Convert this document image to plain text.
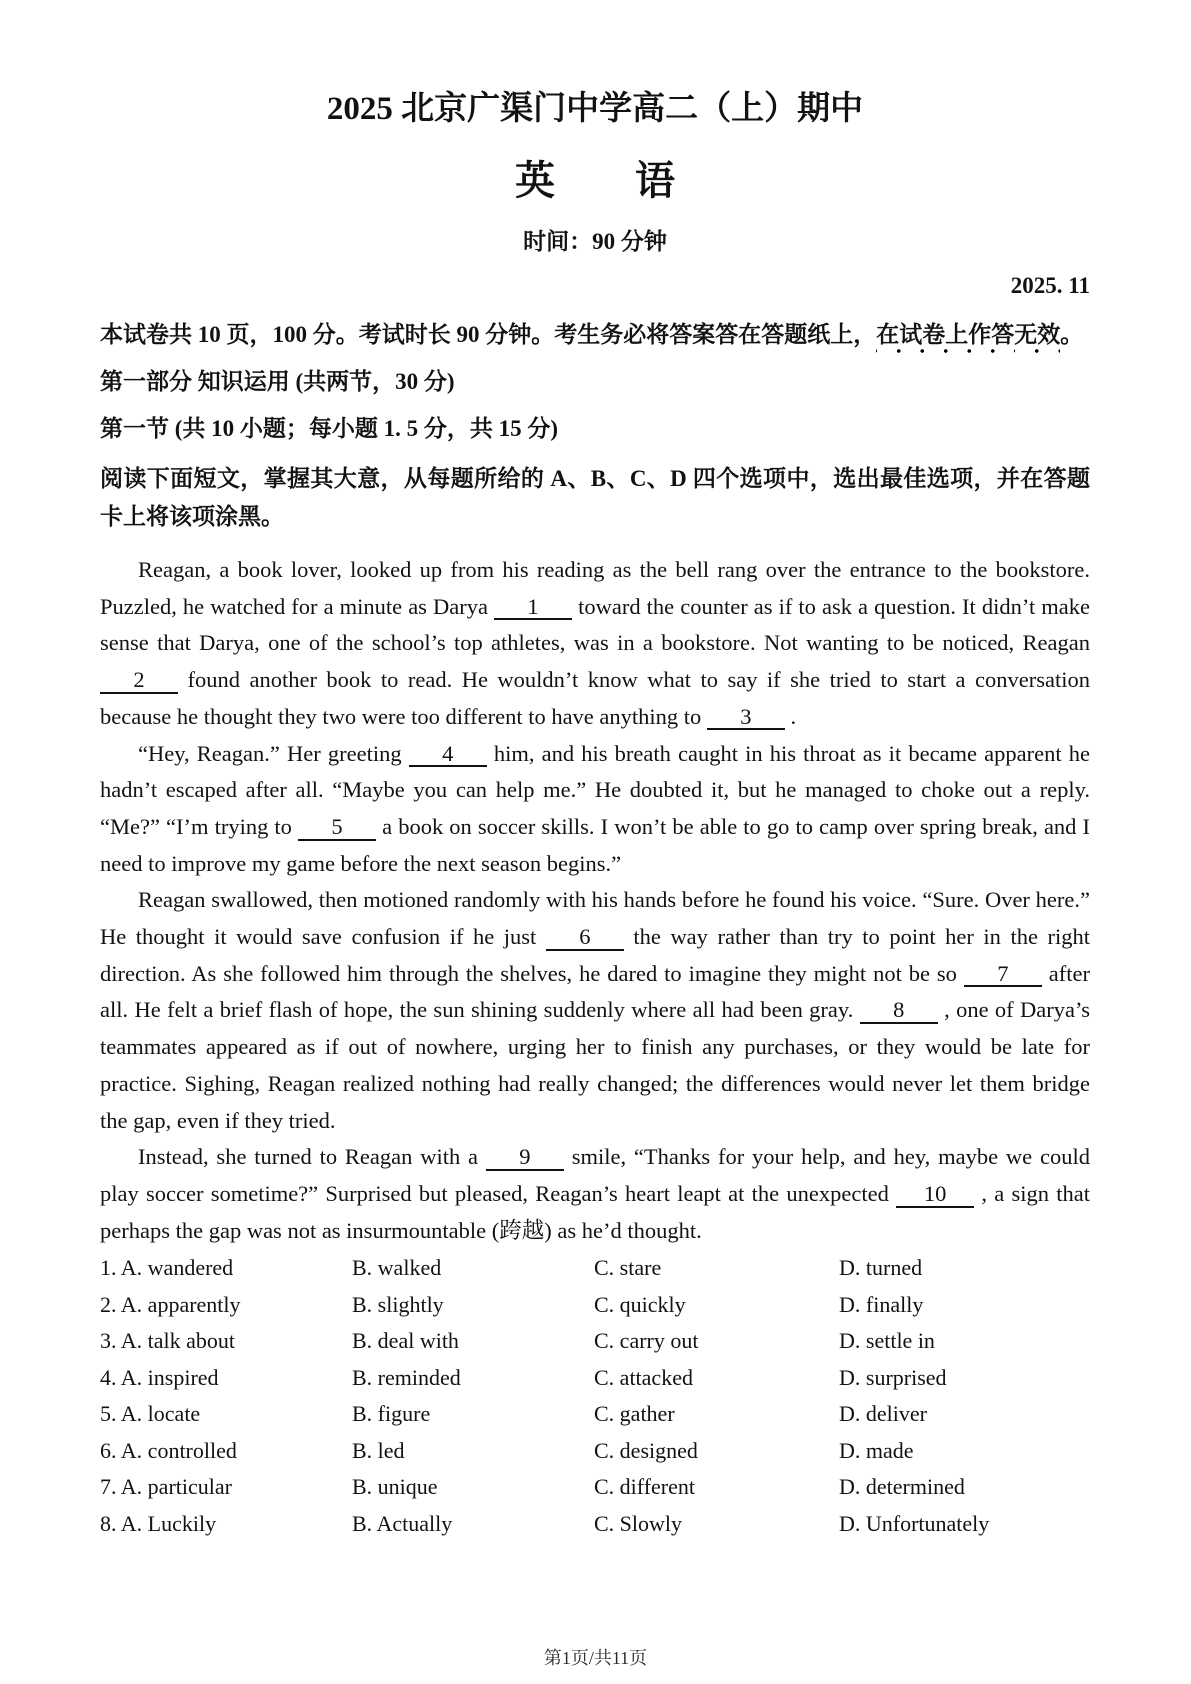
2025 北京广渠门中学高二（上）期中
英　　语
时间：90 分钟
2025. 11

本试卷共 10 页，100 分。考试时长 90 分钟。考生务必将答案答在答题纸上，在试卷上作答无效。

第一部分 知识运用 (共两节，30 分)
第一节 (共 10 小题；每小题 1. 5 分，共 15 分)

阅读下面短文，掌握其大意，从每题所给的 A、B、C、D 四个选项中，选出最佳选项，并在答题卡上将该项涂黑。

Reagan, a book lover, looked up from his reading as the bell rang over the entrance to the bookstore. Puzzled, he watched for a minute as Darya 1 toward the counter as if to ask a question. It didn’t make sense that Darya, one of the school’s top athletes, was in a bookstore. Not wanting to be noticed, Reagan 2 found another book to read. He wouldn’t know what to say if she tried to start a conversation because he thought they two were too different to have anything to 3 .

“Hey, Reagan.” Her greeting 4 him, and his breath caught in his throat as it became apparent he hadn’t escaped after all. “Maybe you can help me.” He doubted it, but he managed to choke out a reply. “Me?” “I’m trying to 5 a book on soccer skills. I won’t be able to go to camp over spring break, and I need to improve my game before the next season begins.”

Reagan swallowed, then motioned randomly with his hands before he found his voice. “Sure. Over here.” He thought it would save confusion if he just 6 the way rather than try to point her in the right direction. As she followed him through the shelves, he dared to imagine they might not be so 7 after all. He felt a brief flash of hope, the sun shining suddenly where all had been gray. 8 , one of Darya’s teammates appeared as if out of nowhere, urging her to finish any purchases, or they would be late for practice. Sighing, Reagan realized nothing had really changed; the differences would never let them bridge the gap, even if they tried.

Instead, she turned to Reagan with a 9 smile, “Thanks for your help, and hey, maybe we could play soccer sometime?” Surprised but pleased, Reagan’s heart leapt at the unexpected 10 , a sign that perhaps the gap was not as insurmountable (跨越) as he’d thought.

1. A. wandered	B. walked	C. stare	D. turned
2. A. apparently	B. slightly	C. quickly	D. finally
3. A. talk about	B. deal with	C. carry out	D. settle in
4. A. inspired	B. reminded	C. attacked	D. surprised
5. A. locate	B. figure	C. gather	D. deliver
6. A. controlled	B. led	C. designed	D. made
7. A. particular	B. unique	C. different	D. determined
8. A. Luckily	B. Actually	C. Slowly	D. Unfortunately
第1页/共11页
